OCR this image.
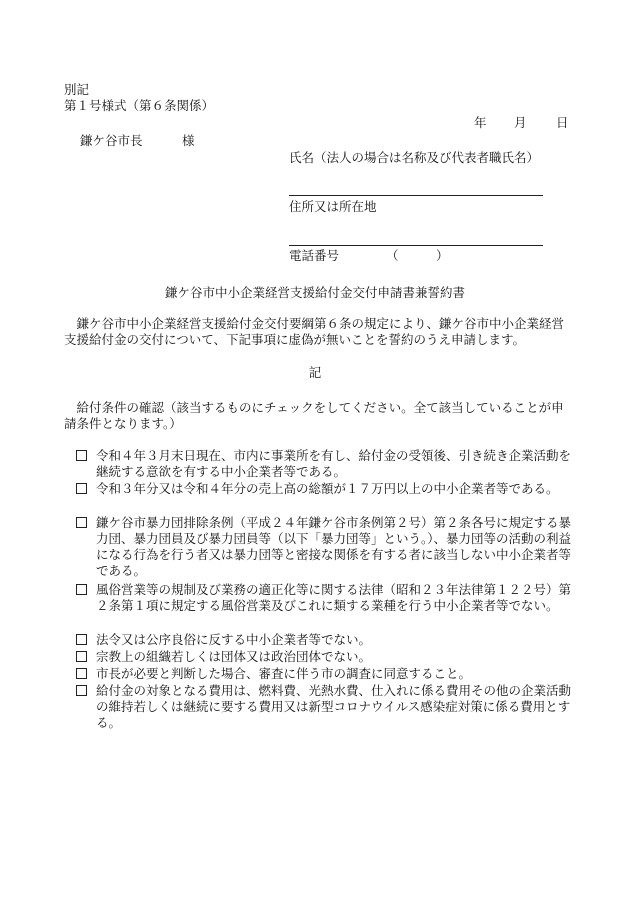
別記
第１号様式（第６条関係）
年 月 日
鎌ケ谷市長	様
氏名（法人の場合は名称及び代表者職氏名）
住所又は所在地
電話番号	（　　　）
鎌ケ谷市中小企業経営支援給付金交付申請書兼誓約書
　鎌ケ谷市中小企業経営支援給付金交付要綱第６条の規定により、鎌ケ谷市中小企業経営支援給付金の交付について、下記事項に虚偽が無いことを誓約のうえ申請します。
記
　給付条件の確認（該当するものにチェックをしてください。全て該当していることが申請条件となります。）
令和４年３月末日現在、市内に事業所を有し、給付金の受領後、引き続き企業活動を継続する意欲を有する中小企業者等である。
令和３年分又は令和４年分の売上高の総額が１７万円以上の中小企業者等である。
鎌ケ谷市暴力団排除条例（平成２４年鎌ケ谷市条例第２号）第２条各号に規定する暴力団、暴力団員及び暴力団員等（以下「暴力団等」という。）、暴力団等の活動の利益になる行為を行う者又は暴力団等と密接な関係を有する者に該当しない中小企業者等である。
風俗営業等の規制及び業務の適正化等に関する法律（昭和２３年法律第１２２号）第２条第１項に規定する風俗営業及びこれに類する業種を行う中小企業者等でない。
法令又は公序良俗に反する中小企業者等でない。
宗教上の組織若しくは団体又は政治団体でない。
市長が必要と判断した場合、審査に伴う市の調査に同意すること。
給付金の対象となる費用は、燃料費、光熱水費、仕入れに係る費用その他の企業活動の維持若しくは継続に要する費用又は新型コロナウイルス感染症対策に係る費用とする。
